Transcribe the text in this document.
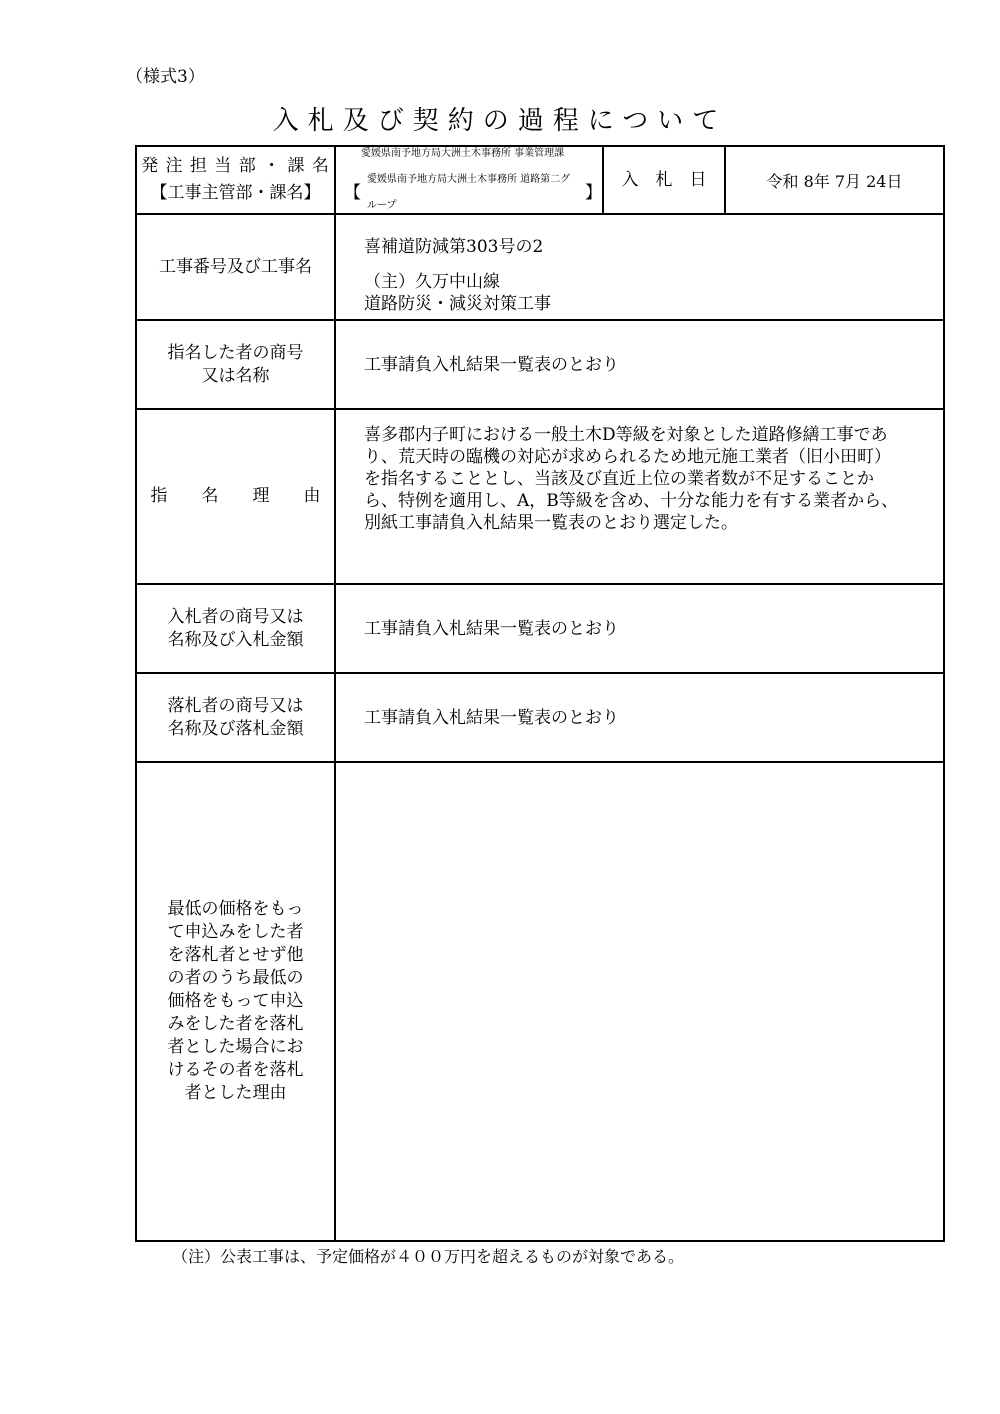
（様式3）
入札及び契約の過程について
発 注 担 当 部 ・ 課 名
【工事主管部・課名】
愛媛県南予地方局大洲土木事務所 事業管理課
【
愛媛県南予地方局大洲土木事務所 道路第二グループ
】
入　札　日	令和 8年 7月 24日
工事番号及び工事名
喜補道防減第303号の2
（主）久万中山線
道路防災・減災対策工事
指名した者の商号
又は名称
工事請負入札結果一覧表のとおり
指　　名　　理　　由
喜多郡内子町における一般土木D等級を対象とした道路修繕工事であ
り、荒天時の臨機の対応が求められるため地元施工業者（旧小田町）
を指名することとし、当該及び直近上位の業者数が不足することか
ら、特例を適用し、A，B等級を含め、十分な能力を有する業者から、
別紙工事請負入札結果一覧表のとおり選定した。
入札者の商号又は
名称及び入札金額
工事請負入札結果一覧表のとおり
落札者の商号又は
名称及び落札金額
工事請負入札結果一覧表のとおり
最低の価格をもっ
て申込みをした者
を落札者とせず他
の者のうち最低の
価格をもって申込
みをした者を落札
者とした場合にお
けるその者を落札
者とした理由
（注）公表工事は、予定価格が４００万円を超えるものが対象である。
